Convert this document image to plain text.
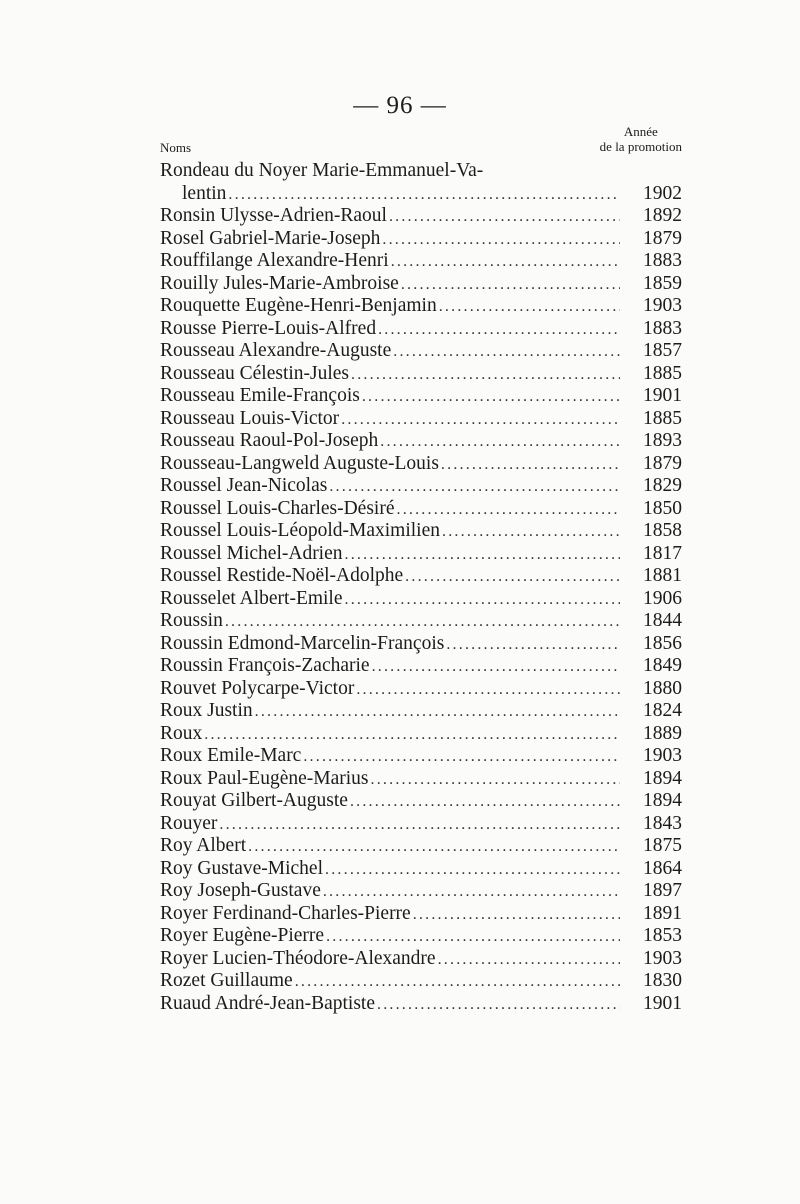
— 96 —
Noms
Année
de la promotion
Rondeau du Noyer Marie-Emmanuel-Va-
lentin .....	1902
Ronsin Ulysse-Adrien-Raoul .....	1892
Rosel Gabriel-Marie-Joseph .....	1879
Rouffilange Alexandre-Henri .....	1883
Rouilly Jules-Marie-Ambroise .....	1859
Rouquette Eugène-Henri-Benjamin .....	1903
Rousse Pierre-Louis-Alfred .....	1883
Rousseau Alexandre-Auguste .....	1857
Rousseau Célestin-Jules .....	1885
Rousseau Emile-François .....	1901
Rousseau Louis-Victor .....	1885
Rousseau Raoul-Pol-Joseph .....	1893
Rousseau-Langweld Auguste-Louis .....	1879
Roussel Jean-Nicolas .....	1829
Roussel Louis-Charles-Désiré .....	1850
Roussel Louis-Léopold-Maximilien .....	1858
Roussel Michel-Adrien .....	1817
Roussel Restide-Noël-Adolphe .....	1881
Rousselet Albert-Emile .....	1906
Roussin .....	1844
Roussin Edmond-Marcelin-François .....	1856
Roussin François-Zacharie .....	1849
Rouvet Polycarpe-Victor .....	1880
Roux Justin .....	1824
Roux .....	1889
Roux Emile-Marc .....	1903
Roux Paul-Eugène-Marius .....	1894
Rouyat Gilbert-Auguste .....	1894
Rouyer .....	1843
Roy Albert .....	1875
Roy Gustave-Michel .....	1864
Roy Joseph-Gustave .....	1897
Royer Ferdinand-Charles-Pierre .....	1891
Royer Eugène-Pierre .....	1853
Royer Lucien-Théodore-Alexandre .....	1903
Rozet Guillaume .....	1830
Ruaud André-Jean-Baptiste .....	1901
